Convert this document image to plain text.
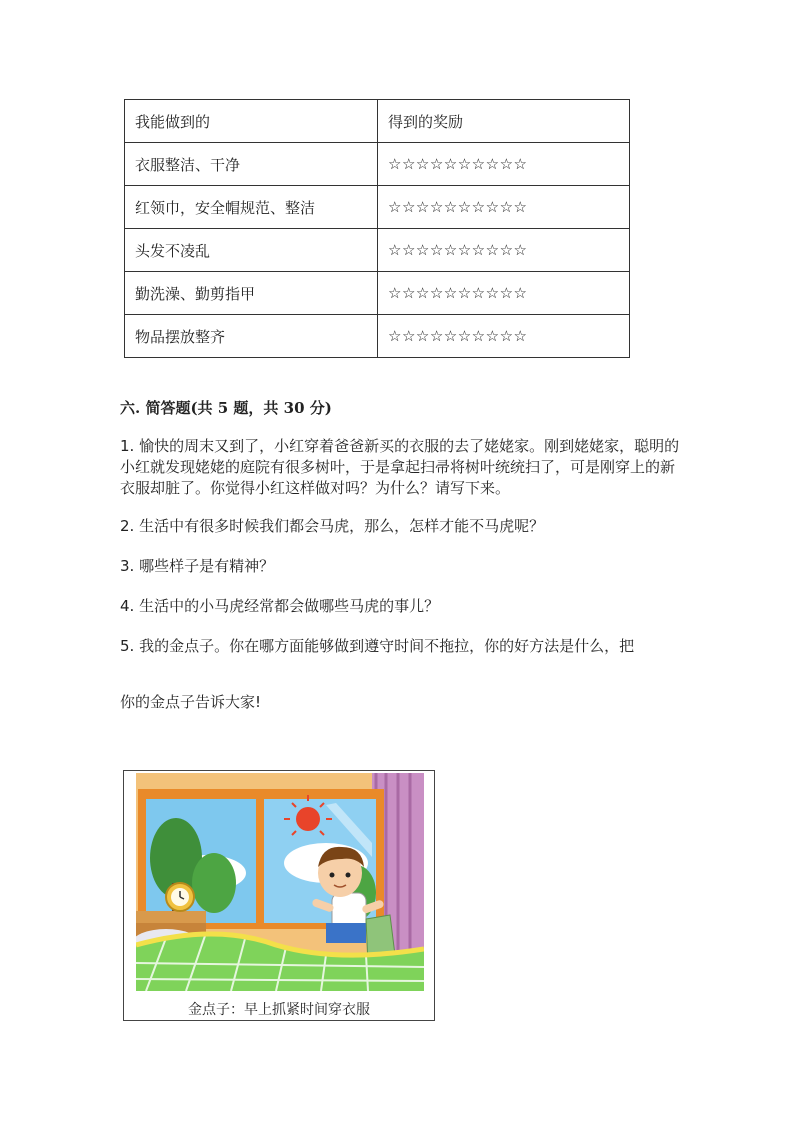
我能做到的	得到的奖励
衣服整洁、干净	☆☆☆☆☆☆☆☆☆☆
红领巾，安全帽规范、整洁	☆☆☆☆☆☆☆☆☆☆
头发不凌乱	☆☆☆☆☆☆☆☆☆☆
勤洗澡、勤剪指甲	☆☆☆☆☆☆☆☆☆☆
物品摆放整齐	☆☆☆☆☆☆☆☆☆☆
六. 简答题(共 5 题，共 30 分)
1. 愉快的周末又到了，小红穿着爸爸新买的衣服的去了姥姥家。刚到姥姥家，聪明的小红就发现姥姥的庭院有很多树叶，于是拿起扫帚将树叶统统扫了，可是刚穿上的新衣服却脏了。你觉得小红这样做对吗？为什么？请写下来。
2. 生活中有很多时候我们都会马虎，那么，怎样才能不马虎呢？
3. 哪些样子是有精神？
4. 生活中的小马虎经常都会做哪些马虎的事儿？
5. 我的金点子。你在哪方面能够做到遵守时间不拖拉，你的好方法是什么，把
你的金点子告诉大家!
金点子：早上抓紧时间穿衣服
